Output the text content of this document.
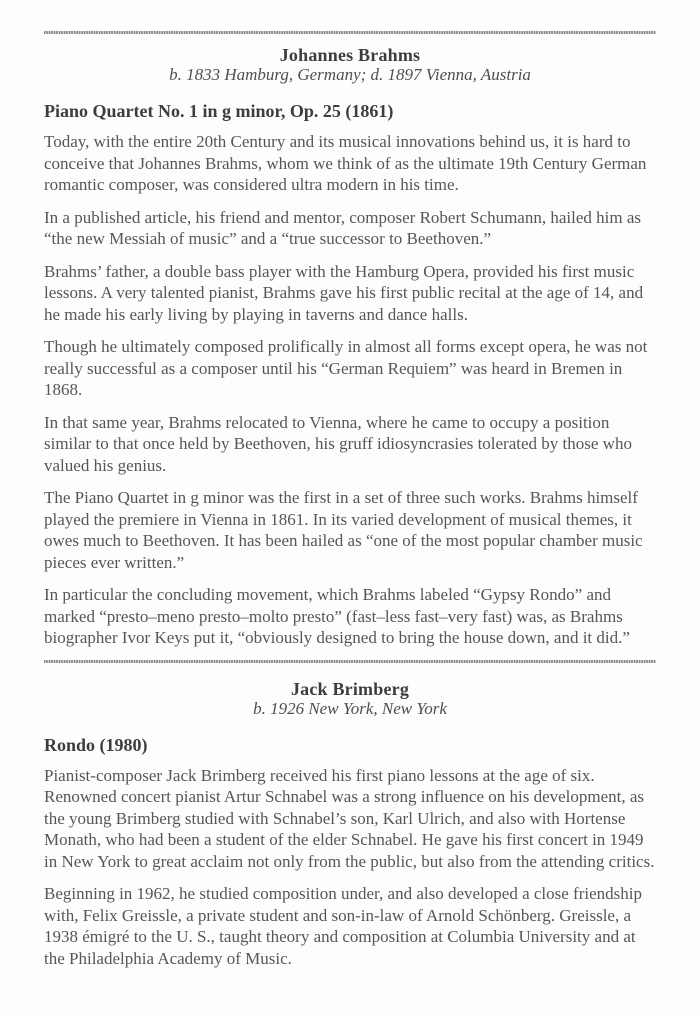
Johannes Brahms
b. 1833 Hamburg, Germany; d. 1897 Vienna, Austria
Piano Quartet No. 1 in g minor, Op. 25 (1861)

Today, with the entire 20th Century and its musical innovations behind us, it is hard to conceive that Johannes Brahms, whom we think of as the ultimate 19th Century German romantic composer, was considered ultra modern in his time.

In a published article, his friend and mentor, composer Robert Schumann, hailed him as “the new Messiah of music” and a “true successor to Beethoven.”

Brahms’ father, a double bass player with the Hamburg Opera, provided his first music lessons. A very talented pianist, Brahms gave his first public recital at the age of 14, and he made his early living by playing in taverns and dance halls.

Though he ultimately composed prolifically in almost all forms except opera, he was not really successful as a composer until his “German Requiem” was heard in Bremen in 1868.

In that same year, Brahms relocated to Vienna, where he came to occupy a position similar to that once held by Beethoven, his gruff idiosyncrasies tolerated by those who valued his genius.

The Piano Quartet in g minor was the first in a set of three such works. Brahms himself played the premiere in Vienna in 1861. In its varied development of musical themes, it owes much to Beethoven. It has been hailed as “one of the most popular chamber music pieces ever written.”

In particular the concluding movement, which Brahms labeled “Gypsy Rondo” and marked “presto–meno presto–molto presto” (fast–less fast–very fast) was, as Brahms biographer Ivor Keys put it, “obviously designed to bring the house down, and it did.”

Jack Brimberg
b. 1926 New York, New York
Rondo (1980)

Pianist-composer Jack Brimberg received his first piano lessons at the age of six. Renowned concert pianist Artur Schnabel was a strong influence on his development, as the young Brimberg studied with Schnabel’s son, Karl Ulrich, and also with Hortense Monath, who had been a student of the elder Schnabel. He gave his first concert in 1949 in New York to great acclaim not only from the public, but also from the attending critics.

Beginning in 1962, he studied composition under, and also developed a close friendship with, Felix Greissle, a private student and son-in-law of Arnold Schönberg. Greissle, a 1938 émigré to the U. S., taught theory and composition at Columbia University and at the Philadelphia Academy of Music.
